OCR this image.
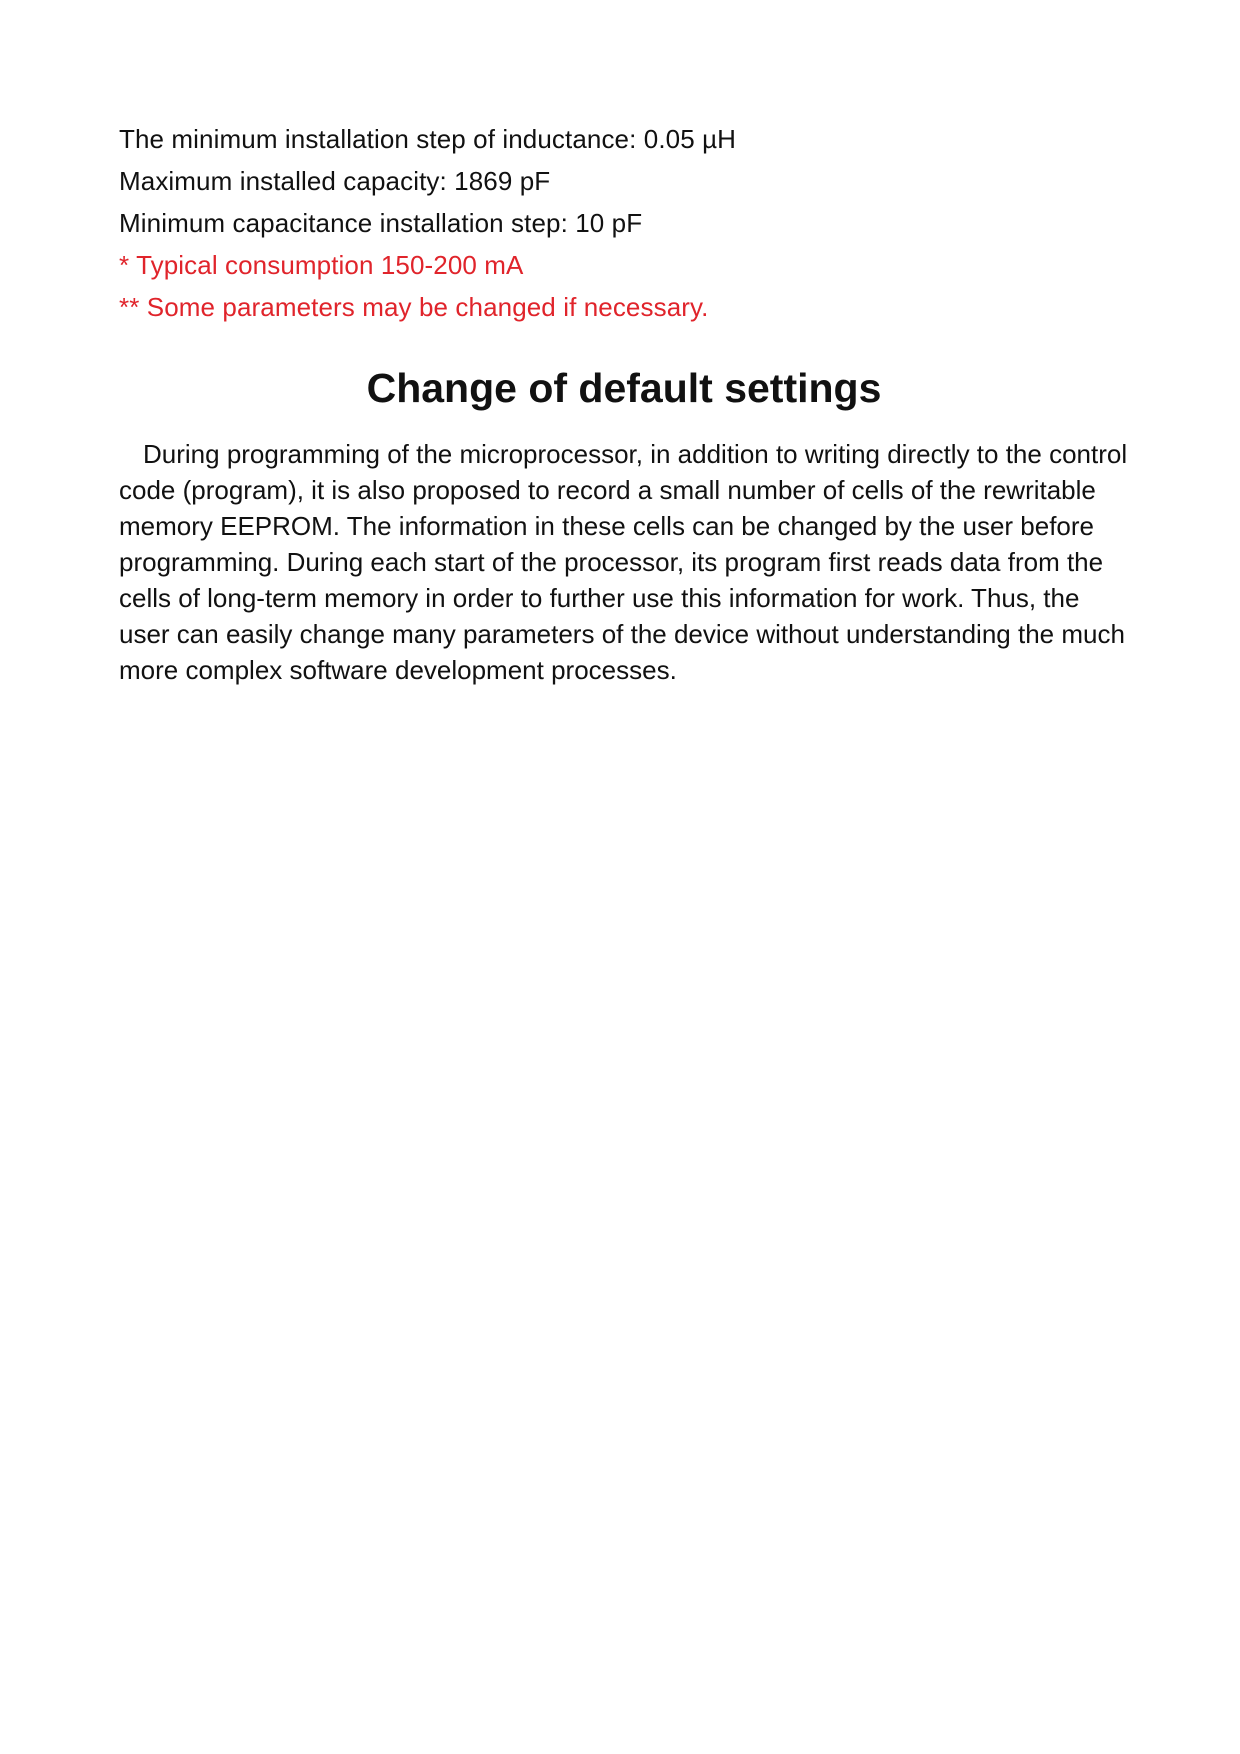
The minimum installation step of inductance: 0.05 µH
Maximum installed capacity: 1869 pF
Minimum capacitance installation step: 10 pF
* Typical consumption 150-200 mA
** Some parameters may be changed if necessary.
Change of default settings

During programming of the microprocessor, in addition to writing directly to the control code (program), it is also proposed to record a small number of cells of the rewritable memory EEPROM. The information in these cells can be changed by the user before programming. During each start of the processor, its program first reads data from the cells of long-term memory in order to further use this information for work. Thus, the user can easily change many parameters of the device without understanding the much more complex software development processes.
